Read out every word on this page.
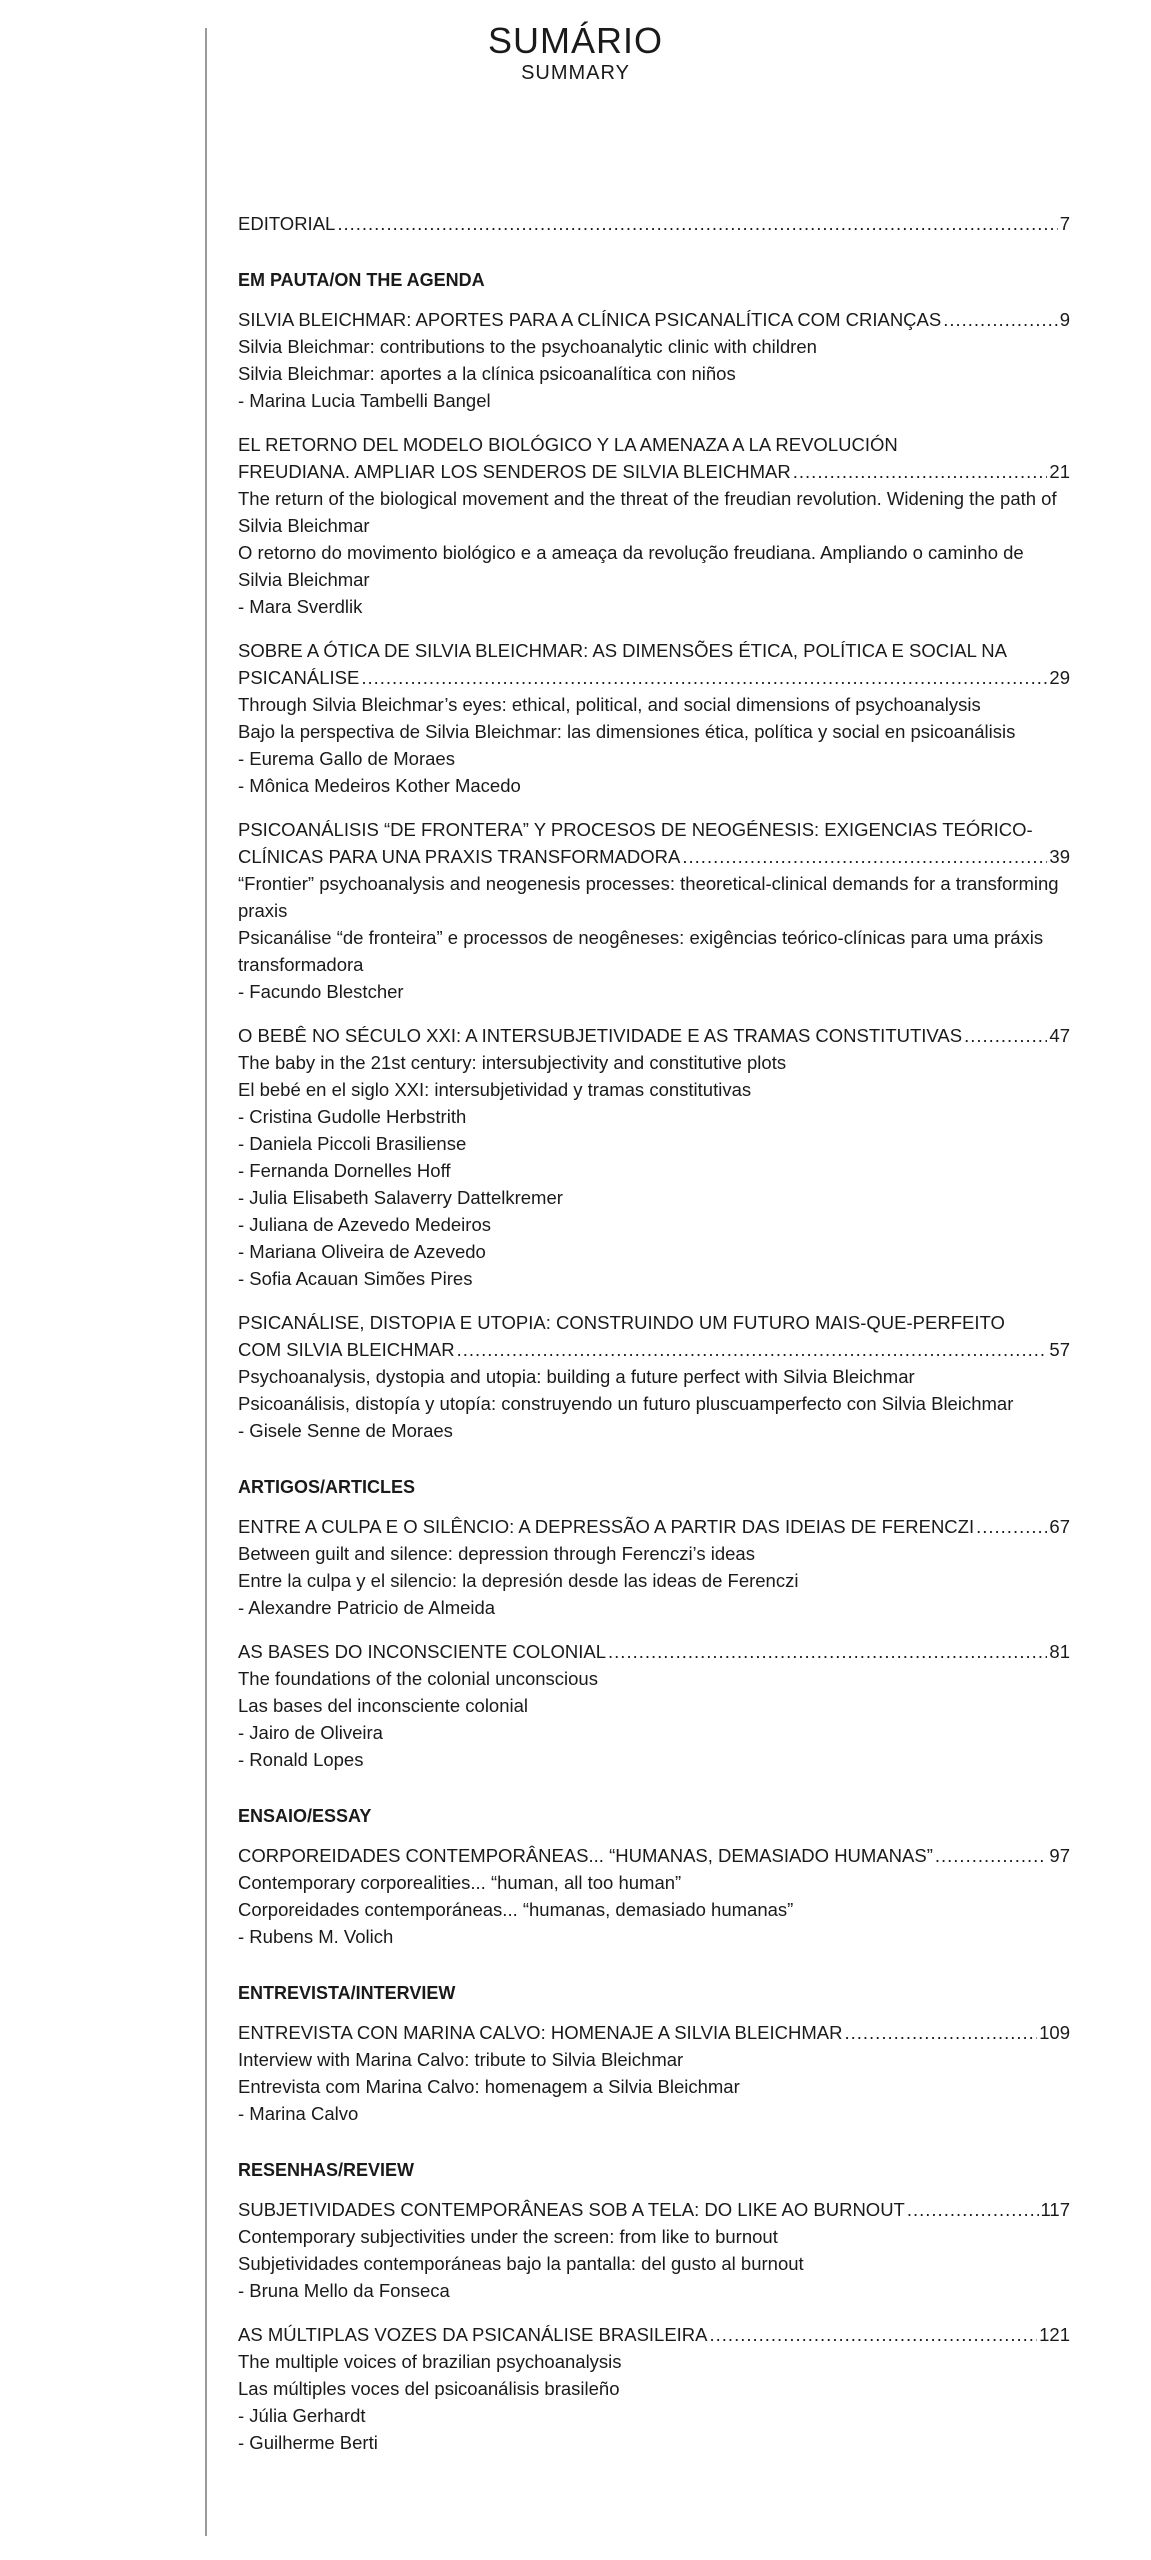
SUMÁRIO
SUMMARY
EDITORIAL .....	7
EM PAUTA/ON THE AGENDA
SILVIA BLEICHMAR: APORTES PARA A CLÍNICA PSICANALÍTICA COM CRIANÇAS .....	9
Silvia Bleichmar: contributions to the psychoanalytic clinic with children
Silvia Bleichmar: aportes a la clínica psicoanalítica con niños
- Marina Lucia Tambelli Bangel
EL RETORNO DEL MODELO BIOLÓGICO Y LA AMENAZA A LA REVOLUCIÓN
FREUDIANA. AMPLIAR LOS SENDEROS DE SILVIA BLEICHMAR .....	21
The return of the biological movement and the threat of the freudian revolution. Widening the path of Silvia Bleichmar
O retorno do movimento biológico e a ameaça da revolução freudiana. Ampliando o caminho de Silvia Bleichmar
- Mara Sverdlik
SOBRE A ÓTICA DE SILVIA BLEICHMAR: AS DIMENSÕES ÉTICA, POLÍTICA E SOCIAL NA
PSICANÁLISE .....	29
Through Silvia Bleichmar’s eyes: ethical, political, and social dimensions of psychoanalysis
Bajo la perspectiva de Silvia Bleichmar: las dimensiones ética, política y social en psicoanálisis
- Eurema Gallo de Moraes
- Mônica Medeiros Kother Macedo
PSICOANÁLISIS “DE FRONTERA” Y PROCESOS DE NEOGÉNESIS: EXIGENCIAS TEÓRICO-
CLÍNICAS PARA UNA PRAXIS TRANSFORMADORA .....	39
“Frontier” psychoanalysis and neogenesis processes: theoretical-clinical demands for a transforming praxis
Psicanálise “de fronteira” e processos de neogêneses: exigências teórico-clínicas para uma práxis transformadora
- Facundo Blestcher
O BEBÊ NO SÉCULO XXI: A INTERSUBJETIVIDADE E AS TRAMAS CONSTITUTIVAS .....	47
The baby in the 21st century: intersubjectivity and constitutive plots
El bebé en el siglo XXI: intersubjetividad y tramas constitutivas
- Cristina Gudolle Herbstrith
- Daniela Piccoli Brasiliense
- Fernanda Dornelles Hoff
- Julia Elisabeth Salaverry Dattelkremer
- Juliana de Azevedo Medeiros
- Mariana Oliveira de Azevedo
- Sofia Acauan Simões Pires
PSICANÁLISE, DISTOPIA E UTOPIA: CONSTRUINDO UM FUTURO MAIS-QUE-PERFEITO
COM SILVIA BLEICHMAR .....	57
Psychoanalysis, dystopia and utopia: building a future perfect with Silvia Bleichmar
Psicoanálisis, distopía y utopía: construyendo un futuro pluscuamperfecto con Silvia Bleichmar
- Gisele Senne de Moraes
ARTIGOS/ARTICLES
ENTRE A CULPA E O SILÊNCIO: A DEPRESSÃO A PARTIR DAS IDEIAS DE FERENCZI .....	67
Between guilt and silence: depression through Ferenczi’s ideas
Entre la culpa y el silencio: la depresión desde las ideas de Ferenczi
- Alexandre Patricio de Almeida
AS BASES DO INCONSCIENTE COLONIAL .....	81
The foundations of the colonial unconscious
Las bases del inconsciente colonial
- Jairo de Oliveira
- Ronald Lopes
ENSAIO/ESSAY
CORPOREIDADES CONTEMPORÂNEAS... “HUMANAS, DEMASIADO HUMANAS” .....	97
Contemporary corporealities... “human, all too human”
Corporeidades contemporáneas... “humanas, demasiado humanas”
- Rubens M. Volich
ENTREVISTA/INTERVIEW
ENTREVISTA CON MARINA CALVO: HOMENAJE A SILVIA BLEICHMAR .....	109
Interview with Marina Calvo: tribute to Silvia Bleichmar
Entrevista com Marina Calvo: homenagem a Silvia Bleichmar
- Marina Calvo
RESENHAS/REVIEW
SUBJETIVIDADES CONTEMPORÂNEAS SOB A TELA: DO LIKE AO BURNOUT .....	117
Contemporary subjectivities under the screen: from like to burnout
Subjetividades contemporáneas bajo la pantalla: del gusto al burnout
- Bruna Mello da Fonseca
AS MÚLTIPLAS VOZES DA PSICANÁLISE BRASILEIRA .....	121
The multiple voices of brazilian psychoanalysis
Las múltiples voces del psicoanálisis brasileño
- Júlia Gerhardt
- Guilherme Berti
